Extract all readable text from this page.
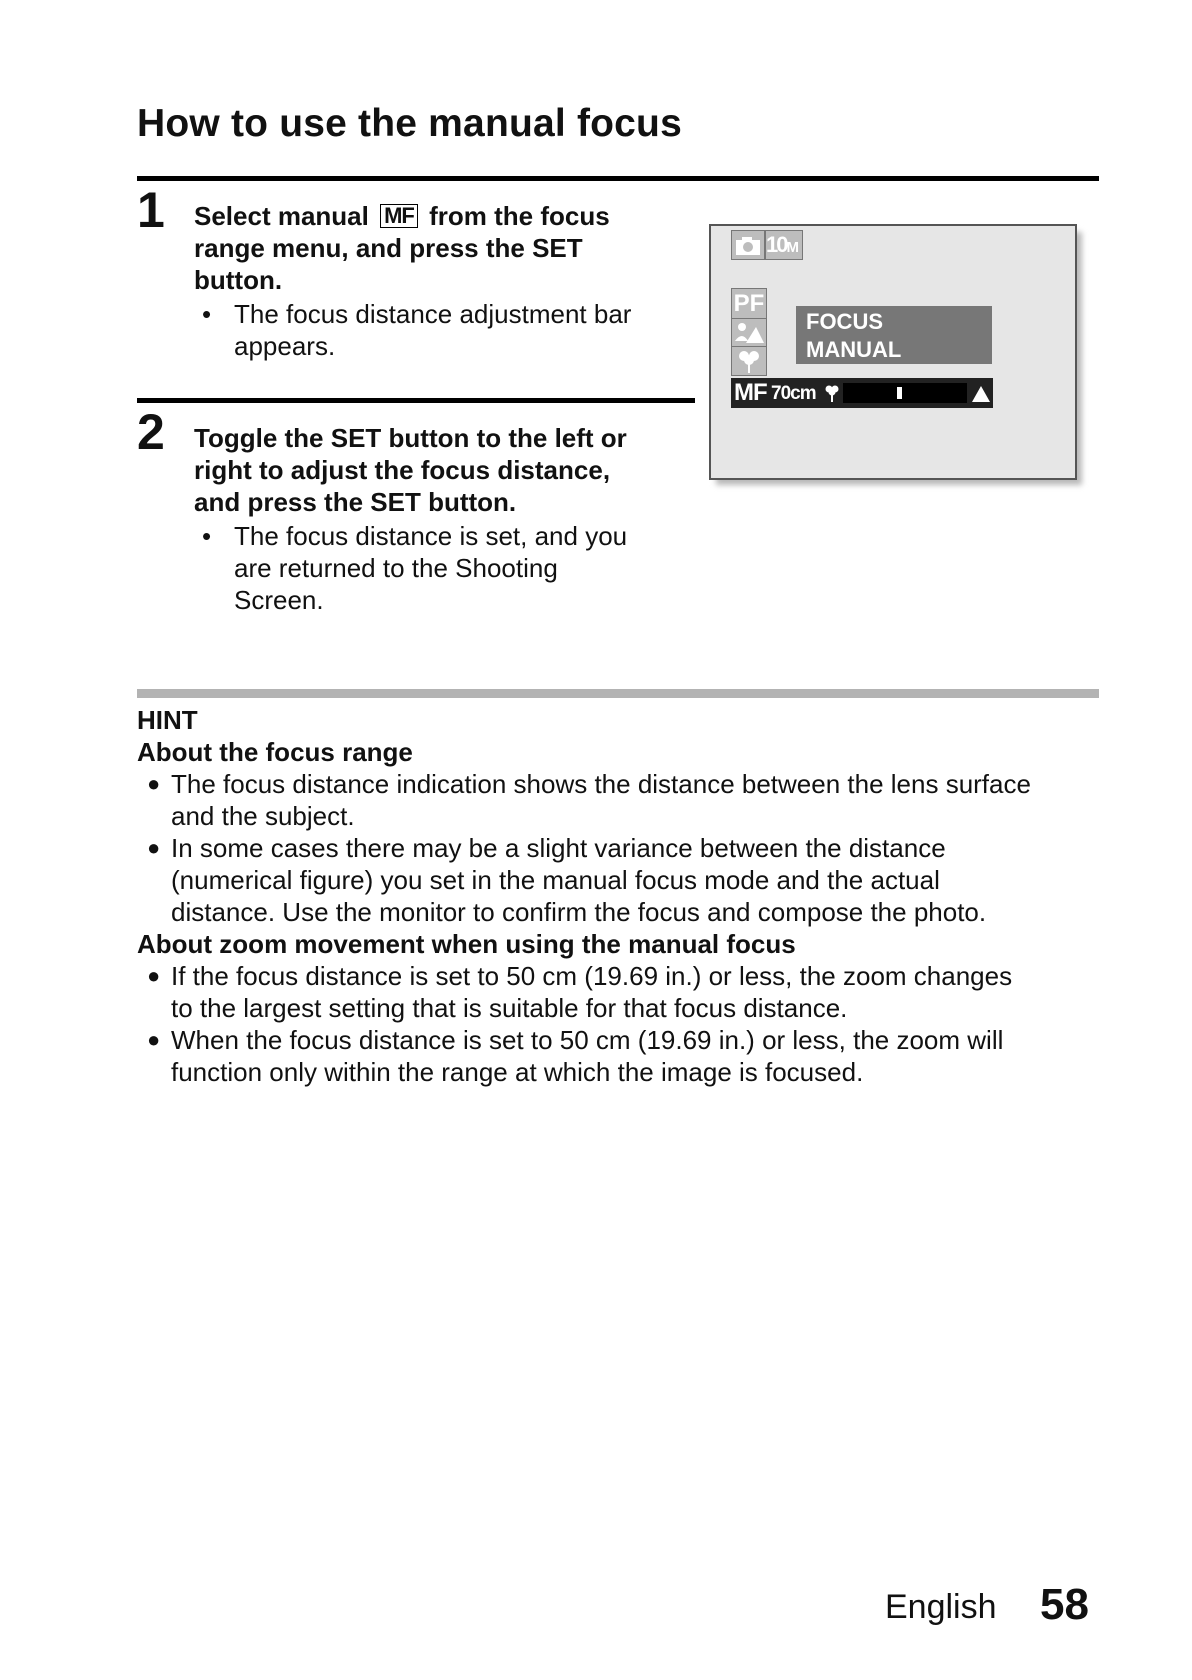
How to use the manual focus
1 Select manual MF from the focus
range menu, and press the SET
button.
• The focus distance adjustment bar
appears.
2 Toggle the SET button to the left or
right to adjust the focus distance,
and press the SET button.
• The focus distance is set, and you
are returned to the Shooting
Screen.
10M
PF
FOCUS
MANUAL
MF 70cm
HINT
About the focus range
● The focus distance indication shows the distance between the lens surface
and the subject.
● In some cases there may be a slight variance between the distance
(numerical figure) you set in the manual focus mode and the actual
distance. Use the monitor to confirm the focus and compose the photo.
About zoom movement when using the manual focus
● If the focus distance is set to 50 cm (19.69 in.) or less, the zoom changes
to the largest setting that is suitable for that focus distance.
● When the focus distance is set to 50 cm (19.69 in.) or less, the zoom will
function only within the range at which the image is focused.
English 58
